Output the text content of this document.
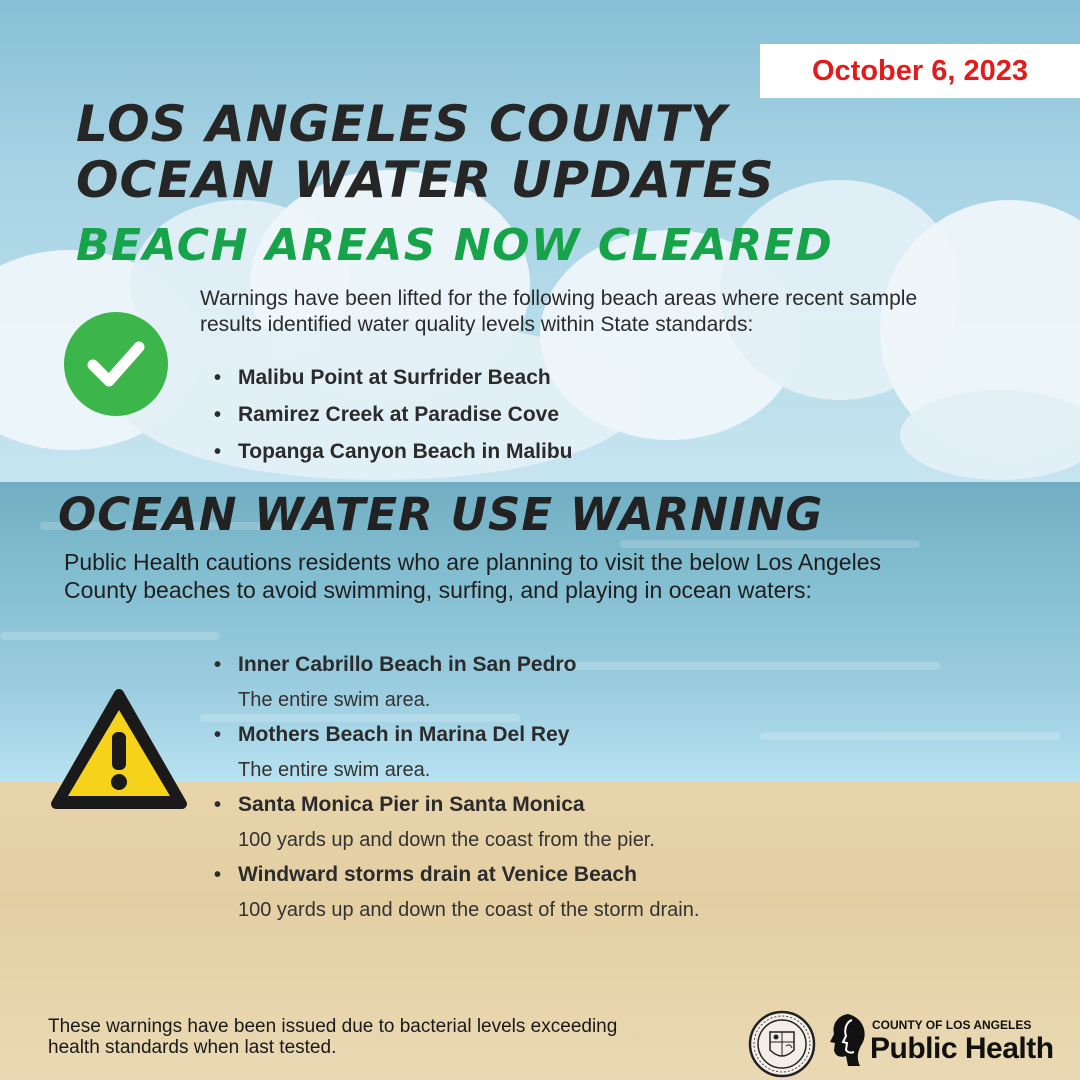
October 6, 2023
LOS ANGELES COUNTY
OCEAN WATER UPDATES
BEACH AREAS NOW CLEARED

Warnings have been lifted for the following beach areas where recent sample results identified water quality levels within State standards:

• Malibu Point at Surfrider Beach
• Ramirez Creek at Paradise Cove
• Topanga Canyon Beach in Malibu
OCEAN WATER USE WARNING

Public Health cautions residents who are planning to visit the below Los Angeles County beaches to avoid swimming, surfing, and playing in ocean waters:

• Inner Cabrillo Beach in San Pedro
The entire swim area.
• Mothers Beach in Marina Del Rey
The entire swim area.
• Santa Monica Pier in Santa Monica
100 yards up and down the coast from the pier.
• Windward storms drain at Venice Beach
100 yards up and down the coast of the storm drain.

These warnings have been issued due to bacterial levels exceeding health standards when last tested.

COUNTY OF LOS ANGELES
Public Health
